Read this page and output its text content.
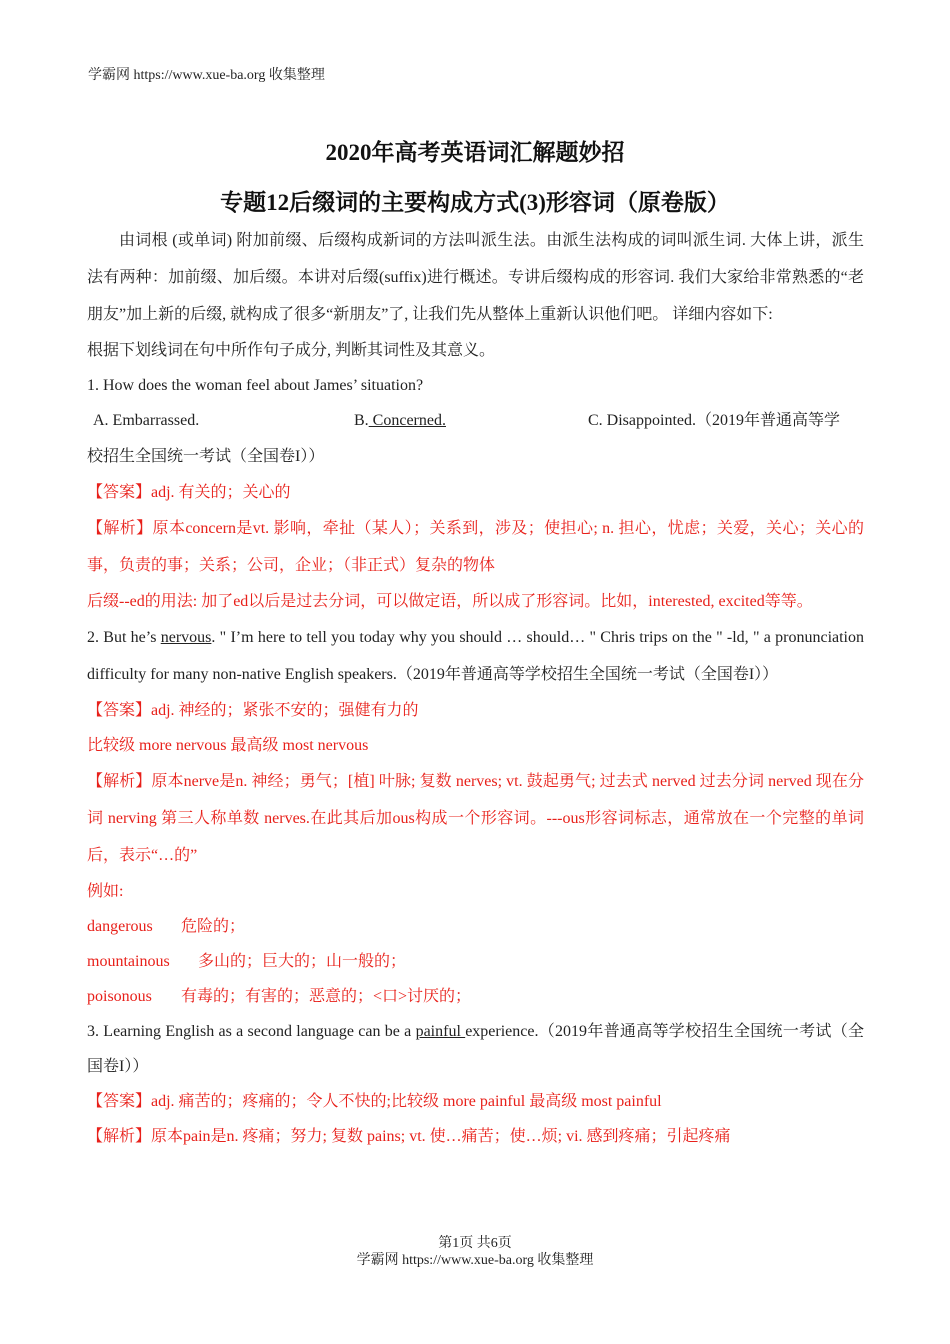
学霸网 https://www.xue-ba.org 收集整理
2020年高考英语词汇解题妙招
专题12后缀词的主要构成方式(3)形容词（原卷版）

由词根 (或单词) 附加前缀、后缀构成新词的方法叫派生法。由派生法构成的词叫派生词. 大体上讲，派生法有两种：加前缀、加后缀。本讲对后缀(suffix)进行概述。专讲后缀构成的形容词. 我们大家给非常熟悉的“老朋友”加上新的后缀, 就构成了很多“新朋友”了, 让我们先从整体上重新认识他们吧。 详细内容如下:

根据下划线词在句中所作句子成分, 判断其词性及其意义。

1. How does the woman feel about James’ situation?

A. Embarrassed.	B. Concerned.	C. Disappointed.（2019年普通高等学

校招生全国统一考试（全国卷I））

【答案】adj. 有关的；关心的

【解析】原本concern是vt. 影响，牵扯（某人）；关系到，涉及；使担心; n. 担心，忧虑；关爱，关心；关心的事，负责的事；关系；公司，企业；（非正式）复杂的物体

后缀--ed的用法: 加了ed以后是过去分词，可以做定语，所以成了形容词。比如，interested, excited等等。

2. But he’s nervous. " I’m here to tell you today why you should … should… " Chris trips on the " -ld, " a pronunciation difficulty for many non-native English speakers.（2019年普通高等学校招生全国统一考试（全国卷I））

【答案】adj. 神经的；紧张不安的；强健有力的

比较级 more nervous 最高级 most nervous

【解析】原本nerve是n. 神经；勇气；[植] 叶脉; 复数 nerves; vt. 鼓起勇气; 过去式 nerved 过去分词 nerved 现在分词 nerving 第三人称单数 nerves.在此其后加ous构成一个形容词。---ous形容词标志，通常放在一个完整的单词后，表示“…的”

例如:

dangerous 危险的；

mountainous 多山的；巨大的；山一般的；

poisonous 有毒的；有害的；恶意的；<口>讨厌的；

3. Learning English as a second language can be a painful experience.（2019年普通高等学校招生全国统一考试（全国卷I））

【答案】adj. 痛苦的；疼痛的；令人不快的;比较级 more painful 最高级 most painful

【解析】原本pain是n. 疼痛；努力; 复数 pains; vt. 使…痛苦；使…烦; vi. 感到疼痛；引起疼痛

第1页 共6页
学霸网 https://www.xue-ba.org 收集整理
